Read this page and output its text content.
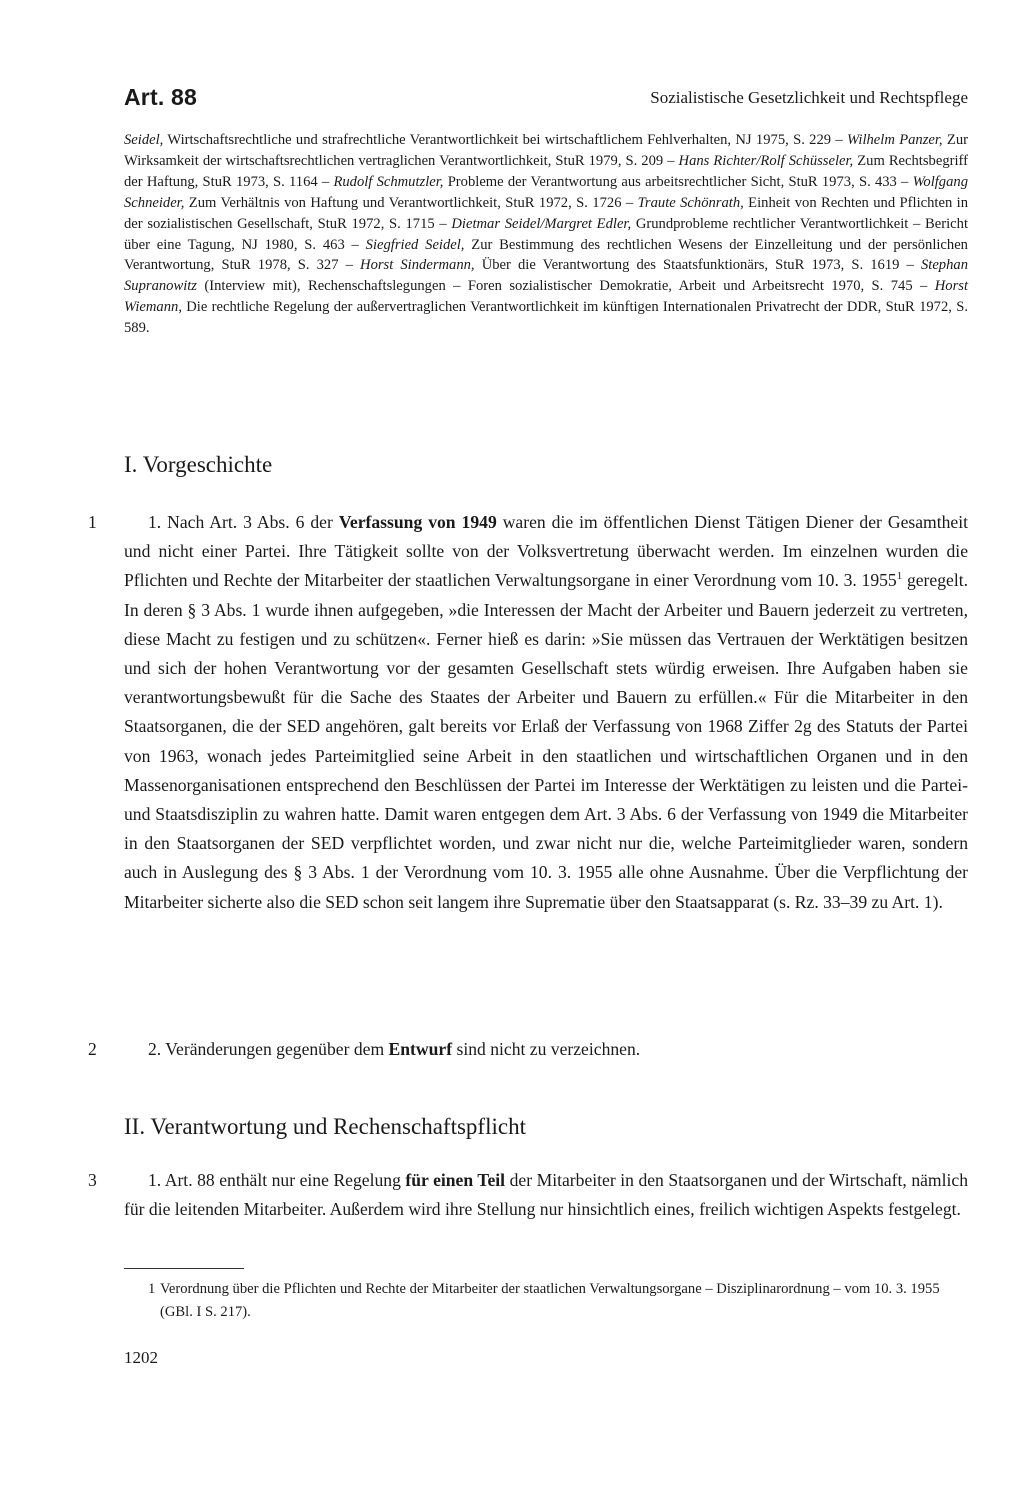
Art. 88	Sozialistische Gesetzlichkeit und Rechtspflege

Seidel, Wirtschaftsrechtliche und strafrechtliche Verantwortlichkeit bei wirtschaftlichem Fehlverhalten, NJ 1975, S. 229 – Wilhelm Panzer, Zur Wirksamkeit der wirtschaftsrechtlichen vertraglichen Verantwortlichkeit, StuR 1979, S. 209 – Hans Richter/Rolf Schüsseler, Zum Rechtsbegriff der Haftung, StuR 1973, S. 1164 – Rudolf Schmutzler, Probleme der Verantwortung aus arbeitsrechtlicher Sicht, StuR 1973, S. 433 – Wolfgang Schneider, Zum Verhältnis von Haftung und Verantwortlichkeit, StuR 1972, S. 1726 – Traute Schönrath, Einheit von Rechten und Pflichten in der sozialistischen Gesellschaft, StuR 1972, S. 1715 – Dietmar Seidel/Margret Edler, Grundprobleme rechtlicher Verantwortlichkeit – Bericht über eine Tagung, NJ 1980, S. 463 – Siegfried Seidel, Zur Bestimmung des rechtlichen Wesens der Einzelleitung und der persönlichen Verantwortung, StuR 1978, S. 327 – Horst Sindermann, Über die Verantwortung des Staatsfunktionärs, StuR 1973, S. 1619 – Stephan Supranowitz (Interview mit), Rechenschaftslegungen – Foren sozialistischer Demokratie, Arbeit und Arbeitsrecht 1970, S. 745 – Horst Wiemann, Die rechtliche Regelung der außervertraglichen Verantwortlichkeit im künftigen Internationalen Privatrecht der DDR, StuR 1972, S. 589.

I. Vorgeschichte
1	1. Nach Art. 3 Abs. 6 der Verfassung von 1949 waren die im öffentlichen Dienst Tätigen Diener der Gesamtheit und nicht einer Partei. Ihre Tätigkeit sollte von der Volksvertretung überwacht werden. Im einzelnen wurden die Pflichten und Rechte der Mitarbeiter der staatlichen Verwaltungsorgane in einer Verordnung vom 10. 3. 1955$^1$ geregelt. In deren § 3 Abs. 1 wurde ihnen aufgegeben, »die Interessen der Macht der Arbeiter und Bauern jederzeit zu vertreten, diese Macht zu festigen und zu schützen«. Ferner hieß es darin: »Sie müssen das Vertrauen der Werktätigen besitzen und sich der hohen Verantwortung vor der gesamten Gesellschaft stets würdig erweisen. Ihre Aufgaben haben sie verantwortungsbewußt für die Sache des Staates der Arbeiter und Bauern zu erfüllen.« Für die Mitarbeiter in den Staatsorganen, die der SED angehören, galt bereits vor Erlaß der Verfassung von 1968 Ziffer 2g des Statuts der Partei von 1963, wonach jedes Parteimitglied seine Arbeit in den staatlichen und wirtschaftlichen Organen und in den Massenorganisationen entsprechend den Beschlüssen der Partei im Interesse der Werktätigen zu leisten und die Partei- und Staatsdisziplin zu wahren hatte. Damit waren entgegen dem Art. 3 Abs. 6 der Verfassung von 1949 die Mitarbeiter in den Staatsorganen der SED verpflichtet worden, und zwar nicht nur die, welche Parteimitglieder waren, sondern auch in Auslegung des § 3 Abs. 1 der Verordnung vom 10. 3. 1955 alle ohne Ausnahme. Über die Verpflichtung der Mitarbeiter sicherte also die SED schon seit langem ihre Suprematie über den Staatsapparat (s. Rz. 33–39 zu Art. 1).

2	2. Veränderungen gegenüber dem Entwurf sind nicht zu verzeichnen.

II. Verantwortung und Rechenschaftspflicht
3	1. Art. 88 enthält nur eine Regelung für einen Teil der Mitarbeiter in den Staatsorganen und der Wirtschaft, nämlich für die leitenden Mitarbeiter. Außerdem wird ihre Stellung nur hinsichtlich eines, freilich wichtigen Aspekts festgelegt.

1 Verordnung über die Pflichten und Rechte der Mitarbeiter der staatlichen Verwaltungsorgane – Disziplinarordnung – vom 10. 3. 1955 (GBl. I S. 217).

1202
